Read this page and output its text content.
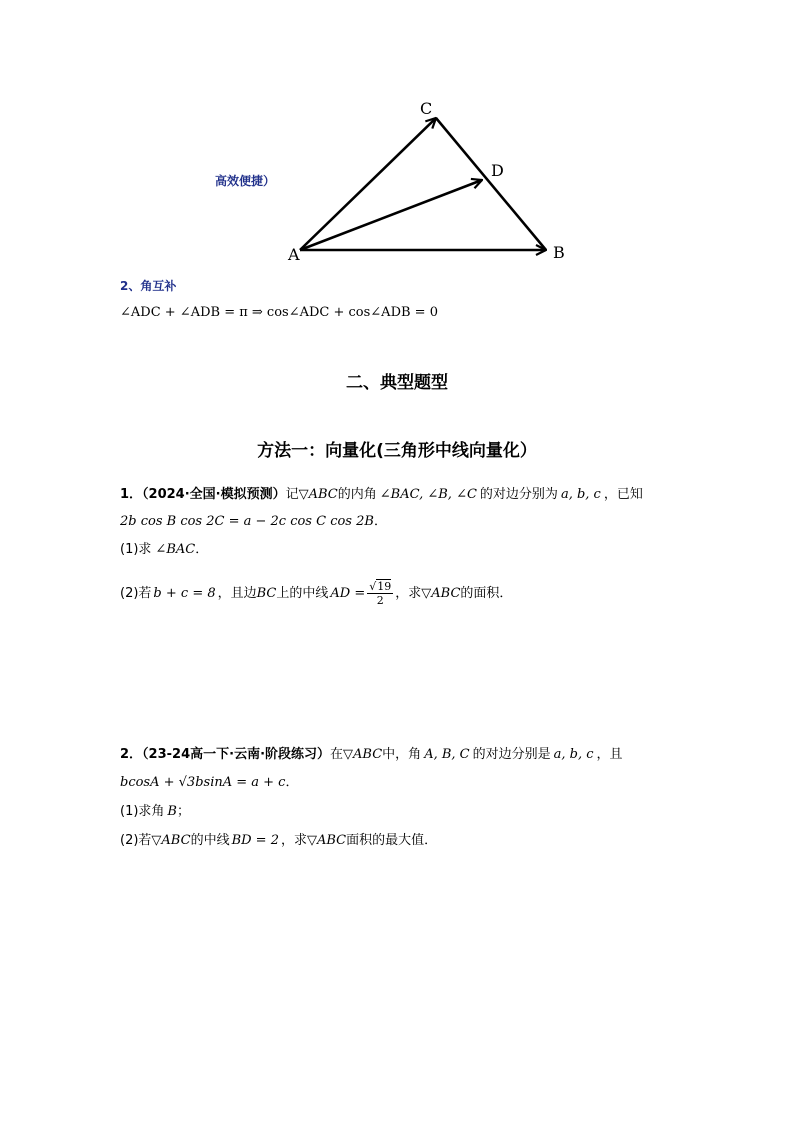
C
D
A	B
高效便捷）
2、角互补
∠ADC + ∠ADB = π ⇒ cos∠ADC + cos∠ADB = 0
二、典型题型
方法一：向量化(三角形中线向量化）
1．（2024·全国·模拟预测）记▽ABC的内角 ∠BAC, ∠B, ∠C 的对边分别为 a, b, c ，已知
2b cos B cos 2C = a − 2c cos C cos 2B．
(1)求 ∠BAC．
(2)若 b + c = 8 ，且边BC上的中线 AD = $\frac{√19}{2}$ ，求▽ABC的面积．
2．（23-24高一下·云南·阶段练习）在▽ABC中，角 A, B, C 的对边分别是 a, b, c ，且
bcosA + √3bsinA = a + c．
(1)求角 B；
(2)若▽ABC的中线 BD = 2 ，求▽ABC面积的最大值．
